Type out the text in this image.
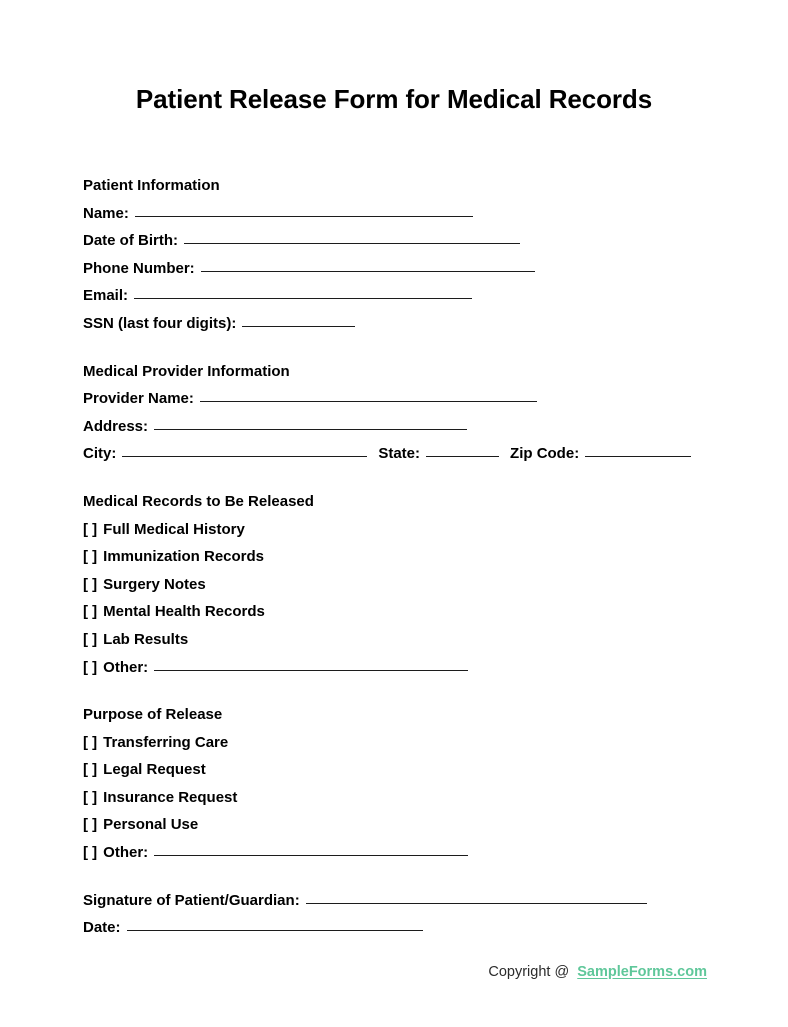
Patient Release Form for Medical Records
Patient Information
Name:
Date of Birth:
Phone Number:
Email:
SSN (last four digits):
Medical Provider Information
Provider Name:
Address:
City:	State:	Zip Code:
Medical Records to Be Released
[ ] Full Medical History
[ ] Immunization Records
[ ] Surgery Notes
[ ] Mental Health Records
[ ] Lab Results
[ ] Other:
Purpose of Release
[ ] Transferring Care
[ ] Legal Request
[ ] Insurance Request
[ ] Personal Use
[ ] Other:
Signature of Patient/Guardian:
Date:
Copyright @ SampleForms.com
